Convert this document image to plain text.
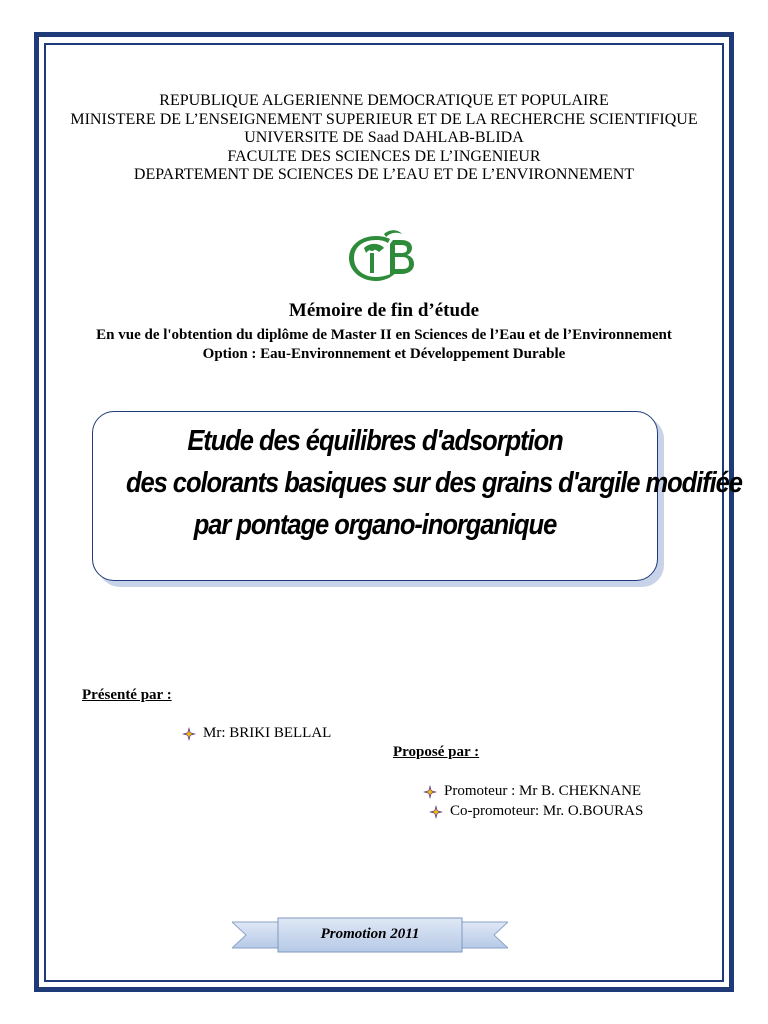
REPUBLIQUE ALGERIENNE DEMOCRATIQUE ET POPULAIRE
MINISTERE DE L’ENSEIGNEMENT SUPERIEUR ET DE LA RECHERCHE SCIENTIFIQUE
UNIVERSITE DE Saad DAHLAB-BLIDA
FACULTE DES SCIENCES DE L’INGENIEUR
DEPARTEMENT DE SCIENCES DE L’EAU ET DE L’ENVIRONNEMENT
Mémoire de fin d’étude
En vue de l'obtention du diplôme de Master II en Sciences de l’Eau et de l’Environnement
Option : Eau-Environnement et Développement Durable
Etude des équilibres d'adsorption
des colorants basiques sur des grains d'argile modifiée
par pontage organo-inorganique
Présenté par :
Mr: BRIKI BELLAL
Proposé par :
Promoteur : Mr B. CHEKNANE
Co-promoteur: Mr. O.BOURAS
Promotion 2011
